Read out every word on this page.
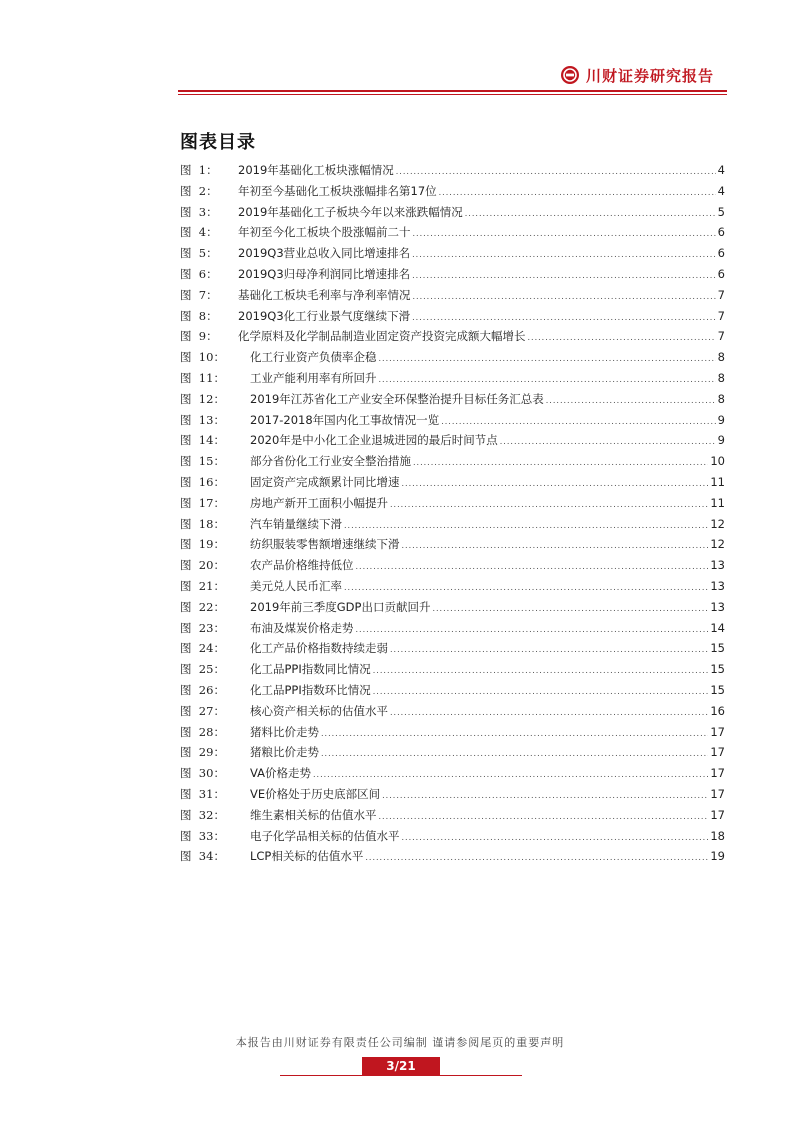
川财证券研究报告
图表目录
图  1：	2019年基础化工板块涨幅情况 .....	4
图  2：	年初至今基础化工板块涨幅排名第17位 .....	4
图  3：	2019年基础化工子板块今年以来涨跌幅情况 .....	5
图  4：	年初至今化工板块个股涨幅前二十 .....	6
图  5：	2019Q3营业总收入同比增速排名 .....	6
图  6：	2019Q3归母净利润同比增速排名 .....	6
图  7：	基础化工板块毛利率与净利率情况 .....	7
图  8：	2019Q3化工行业景气度继续下滑 .....	7
图  9：	化学原料及化学制品制造业固定资产投资完成额大幅增长 .....	7
图  10：	化工行业资产负债率企稳 .....	8
图  11：	工业产能利用率有所回升 .....	8
图  12：	2019年江苏省化工产业安全环保整治提升目标任务汇总表 .....	8
图  13：	2017-2018年国内化工事故情况一览 .....	9
图  14：	2020年是中小化工企业退城进园的最后时间节点 .....	9
图  15：	部分省份化工行业安全整治措施 .....	10
图  16：	固定资产完成额累计同比增速 .....	11
图  17：	房地产新开工面积小幅提升 .....	11
图  18：	汽车销量继续下滑 .....	12
图  19：	纺织服装零售额增速继续下滑 .....	12
图  20：	农产品价格维持低位 .....	13
图  21：	美元兑人民币汇率 .....	13
图  22：	2019年前三季度GDP出口贡献回升 .....	13
图  23：	布油及煤炭价格走势 .....	14
图  24：	化工产品价格指数持续走弱 .....	15
图  25：	化工品PPI指数同比情况 .....	15
图  26：	化工品PPI指数环比情况 .....	15
图  27：	核心资产相关标的估值水平 .....	16
图  28：	猪料比价走势 .....	17
图  29：	猪粮比价走势 .....	17
图  30：	VA价格走势 .....	17
图  31：	VE价格处于历史底部区间 .....	17
图  32：	维生素相关标的估值水平 .....	17
图  33：	电子化学品相关标的估值水平 .....	18
图  34：	LCP相关标的估值水平 .....	19
本报告由川财证券有限责任公司编制 谨请参阅尾页的重要声明
3/21
